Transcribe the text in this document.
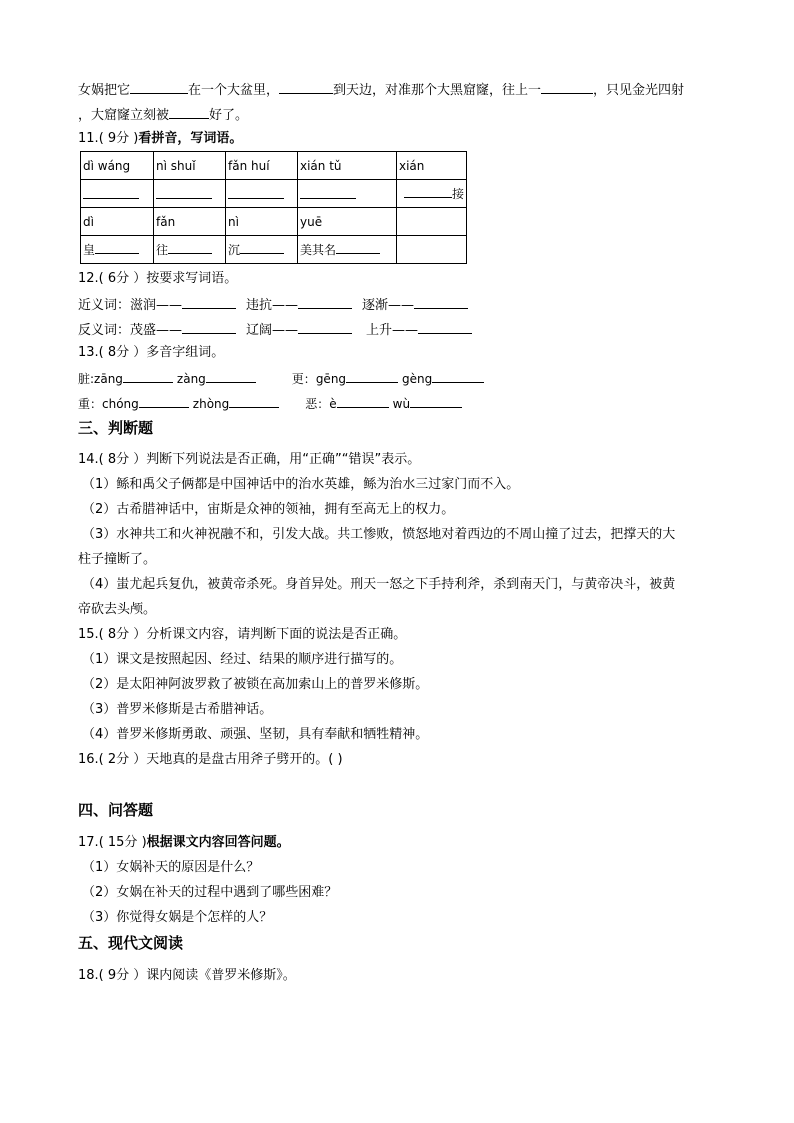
女娲把它	在一个大盆里，	到天边，对准那个大黑窟窿，往上一	，只见金光四射
，大窟窿立刻被	好了。
11.( 9分 )看拼音，写词语。
dì wáng	nì shuǐ	fǎn huí	xián tǔ	xián
				接
dì	fǎn	nì	yuē	
皇	往	沉	美其名	
12.( 6分 ）按要求写词语。
近义词：滋润——	违抗——	逐渐——
反义词：茂盛——	辽阔——	上升——
13.( 8分 ）多音字组词。
脏:zāng	zàng	更：gēng	gèng
重：chóng	zhòng	恶：è	wù
三、判断题
14.( 8分 ）判断下列说法是否正确，用“正确”“错误”表示。
（1）鲧和禹父子俩都是中国神话中的治水英雄，鲧为治水三过家门而不入。
（2）古希腊神话中，宙斯是众神的领袖，拥有至高无上的权力。
（3）水神共工和火神祝融不和，引发大战。共工惨败，愤怒地对着西边的不周山撞了过去，把撑天的大
柱子撞断了。
（4）蚩尤起兵复仇，被黄帝杀死。身首异处。刑天一怒之下手持利斧，杀到南天门，与黄帝决斗，被黄
帝砍去头颅。
15.( 8分 ）分析课文内容，请判断下面的说法是否正确。
（1）课文是按照起因、经过、结果的顺序进行描写的。
（2）是太阳神阿波罗救了被锁在高加索山上的普罗米修斯。
（3）普罗米修斯是古希腊神话。
（4）普罗米修斯勇敢、顽强、坚韧，具有奉献和牺牲精神。
16.( 2分 ）天地真的是盘古用斧子劈开的。( )
四、问答题
17.( 15分 )根据课文内容回答问题。
（1）女娲补天的原因是什么？
（2）女娲在补天的过程中遇到了哪些困难？
（3）你觉得女娲是个怎样的人？
五、现代文阅读
18.( 9分 ）课内阅读《普罗米修斯》。
